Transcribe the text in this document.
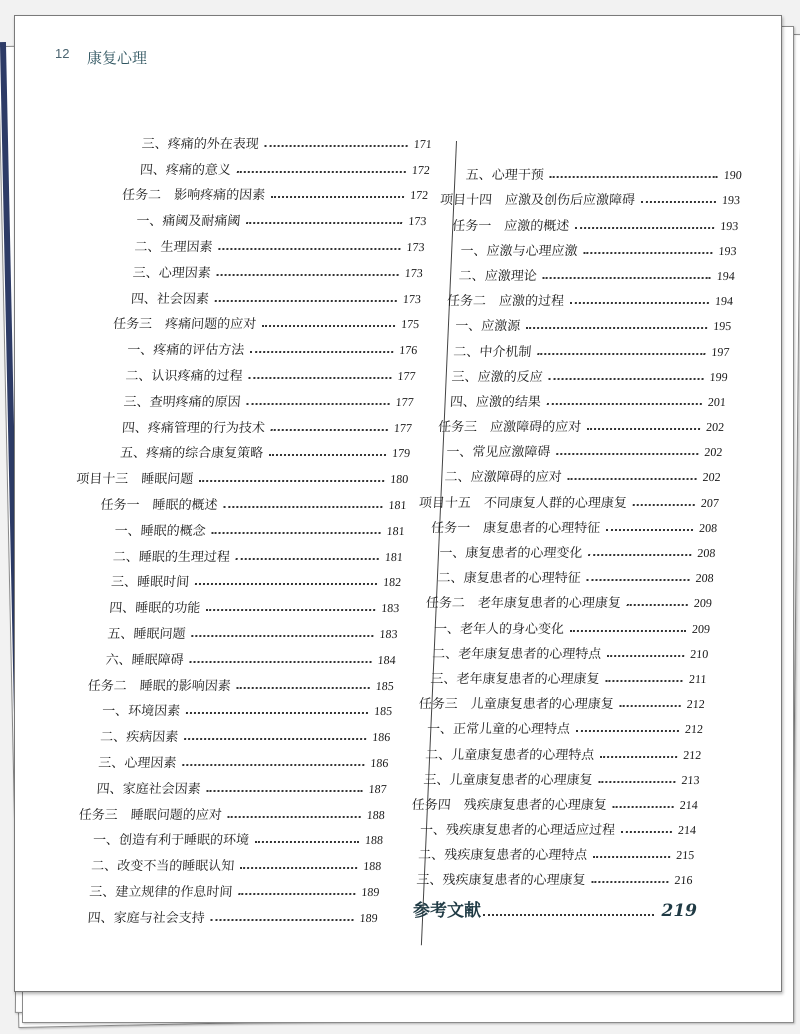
12 康复心理
三、疼痛的外在表现	171
四、疼痛的意义	172
任务二　影响疼痛的因素	172
一、痛阈及耐痛阈	173
二、生理因素	173
三、心理因素	173
四、社会因素	173
任务三　疼痛问题的应对	175
一、疼痛的评估方法	176
二、认识疼痛的过程	177
三、查明疼痛的原因	177
四、疼痛管理的行为技术	177
五、疼痛的综合康复策略	179
项目十三　睡眠问题	180
任务一　睡眠的概述	181
一、睡眠的概念	181
二、睡眠的生理过程	181
三、睡眠时间	182
四、睡眠的功能	183
五、睡眠问题	183
六、睡眠障碍	184
任务二　睡眠的影响因素	185
一、环境因素	185
二、疾病因素	186
三、心理因素	186
四、家庭社会因素	187
任务三　睡眠问题的应对	188
一、创造有利于睡眠的环境	188
二、改变不当的睡眠认知	188
三、建立规律的作息时间	189
四、家庭与社会支持	189
五、心理干预	190
项目十四　应激及创伤后应激障碍	193
任务一　应激的概述	193
一、应激与心理应激	193
二、应激理论	194
任务二　应激的过程	194
一、应激源	195
二、中介机制	197
三、应激的反应	199
四、应激的结果	201
任务三　应激障碍的应对	202
一、常见应激障碍	202
二、应激障碍的应对	202
项目十五　不同康复人群的心理康复	207
任务一　康复患者的心理特征	208
一、康复患者的心理变化	208
二、康复患者的心理特征	208
任务二　老年康复患者的心理康复	209
一、老年人的身心变化	209
二、老年康复患者的心理特点	210
三、老年康复患者的心理康复	211
任务三　儿童康复患者的心理康复	212
一、正常儿童的心理特点	212
二、儿童康复患者的心理特点	212
三、儿童康复患者的心理康复	213
任务四　残疾康复患者的心理康复	214
一、残疾康复患者的心理适应过程	214
二、残疾康复患者的心理特点	215
三、残疾康复患者的心理康复	216
参考文献	219
